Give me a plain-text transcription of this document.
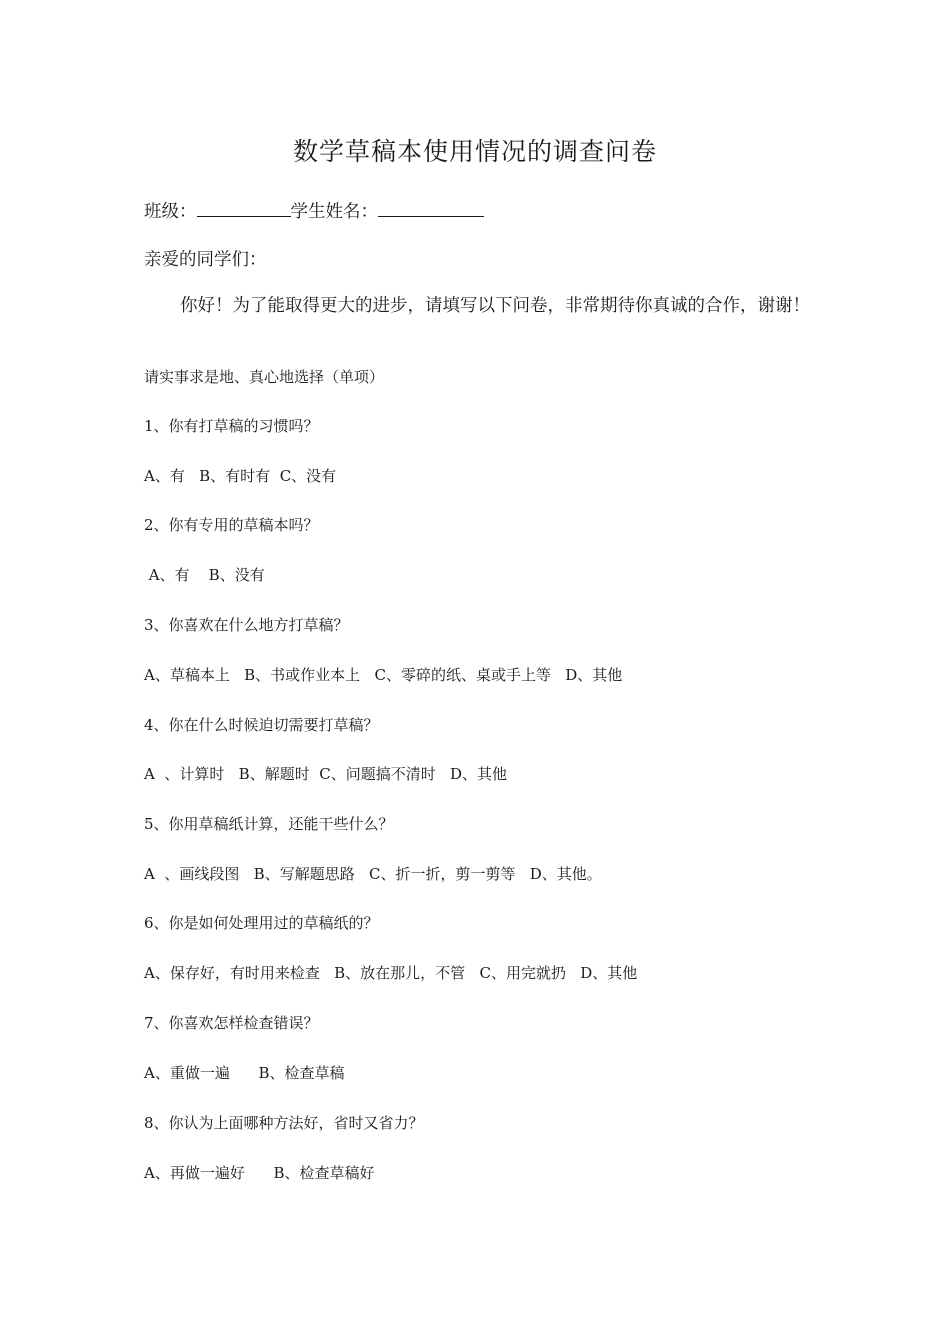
数学草稿本使用情况的调查问卷
班级：	学生姓名：
亲爱的同学们：

你好！为了能取得更大的进步，请填写以下问卷，非常期待你真诚的合作，谢谢！

请实事求是地、真心地选择（单项）
1、你有打草稿的习惯吗？
A、有   B、有时有  C、没有
2、你有专用的草稿本吗？
A、有    B、没有
3、你喜欢在什么地方打草稿？
A、草稿本上   B、书或作业本上   C、零碎的纸、桌或手上等   D、其他
4、你在什么时候迫切需要打草稿？
A  、计算时   B、解题时  C、问题搞不清时   D、其他
5、你用草稿纸计算，还能干些什么？
A  、画线段图   B、写解题思路   C、折一折，剪一剪等   D、其他。
6、你是如何处理用过的草稿纸的？
A、保存好，有时用来检查   B、放在那儿，不管   C、用完就扔   D、其他
7、你喜欢怎样检查错误？
A、重做一遍      B、检查草稿
8、你认为上面哪种方法好，省时又省力？
A、再做一遍好      B、检查草稿好
